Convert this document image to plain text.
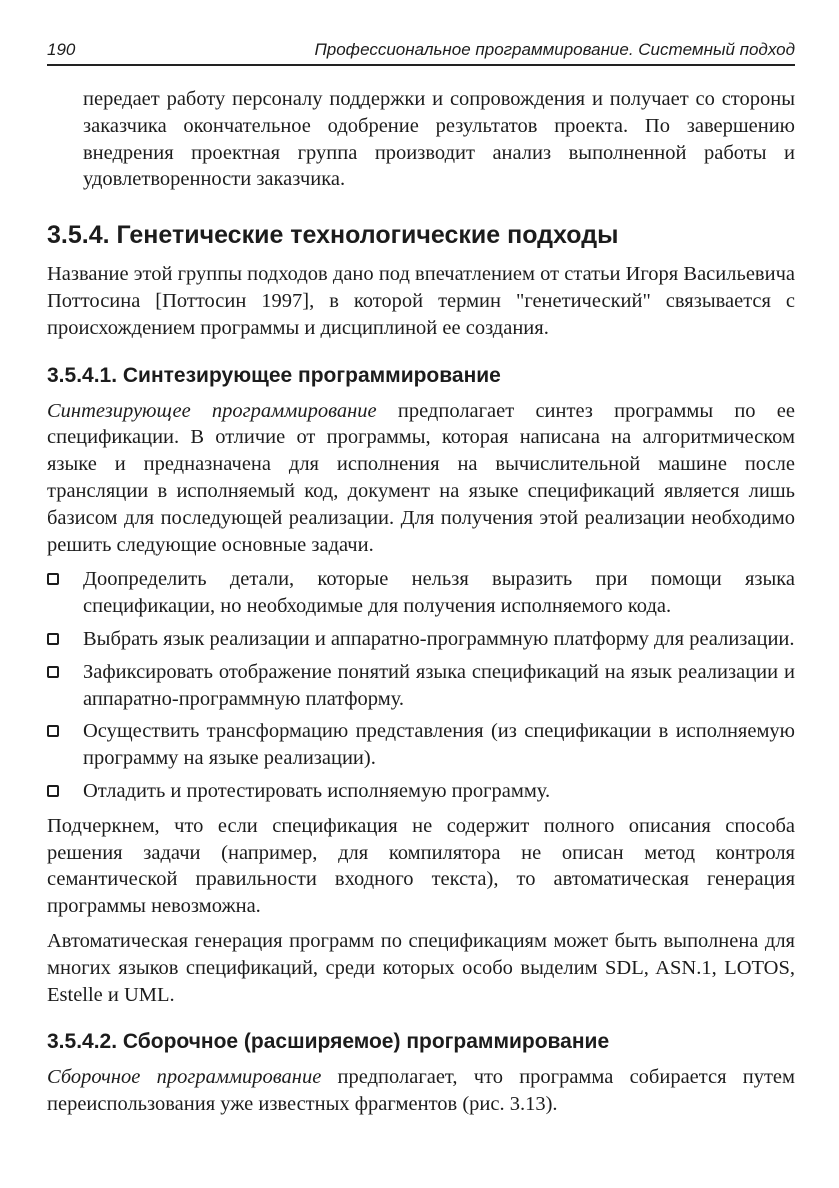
190	Профессиональное программирование. Системный подход

передает работу персоналу поддержки и сопровождения и получает со стороны заказчика окончательное одобрение результатов проекта. По завершению внедрения проектная группа производит анализ выполненной работы и удовлетворенности заказчика.

3.5.4. Генетические технологические подходы

Название этой группы подходов дано под впечатлением от статьи Игоря Васильевича Поттосина [Поттосин 1997], в которой термин "генетический" связывается с происхождением программы и дисциплиной ее создания.

3.5.4.1. Синтезирующее программирование

Синтезирующее программирование предполагает синтез программы по ее спецификации. В отличие от программы, которая написана на алгоритмическом языке и предназначена для исполнения на вычислительной машине после трансляции в исполняемый код, документ на языке спецификаций является лишь базисом для последующей реализации. Для получения этой реализации необходимо решить следующие основные задачи.

Доопределить детали, которые нельзя выразить при помощи языка спецификации, но необходимые для получения исполняемого кода.
Выбрать язык реализации и аппаратно-программную платформу для реализации.
Зафиксировать отображение понятий языка спецификаций на язык реализации и аппаратно-программную платформу.
Осуществить трансформацию представления (из спецификации в исполняемую программу на языке реализации).
Отладить и протестировать исполняемую программу.

Подчеркнем, что если спецификация не содержит полного описания способа решения задачи (например, для компилятора не описан метод контроля семантической правильности входного текста), то автоматическая генерация программы невозможна.

Автоматическая генерация программ по спецификациям может быть выполнена для многих языков спецификаций, среди которых особо выделим SDL, ASN.1, LOTOS, Estelle и UML.

3.5.4.2. Сборочное (расширяемое) программирование

Сборочное программирование предполагает, что программа собирается путем переиспользования уже известных фрагментов (рис. 3.13).
